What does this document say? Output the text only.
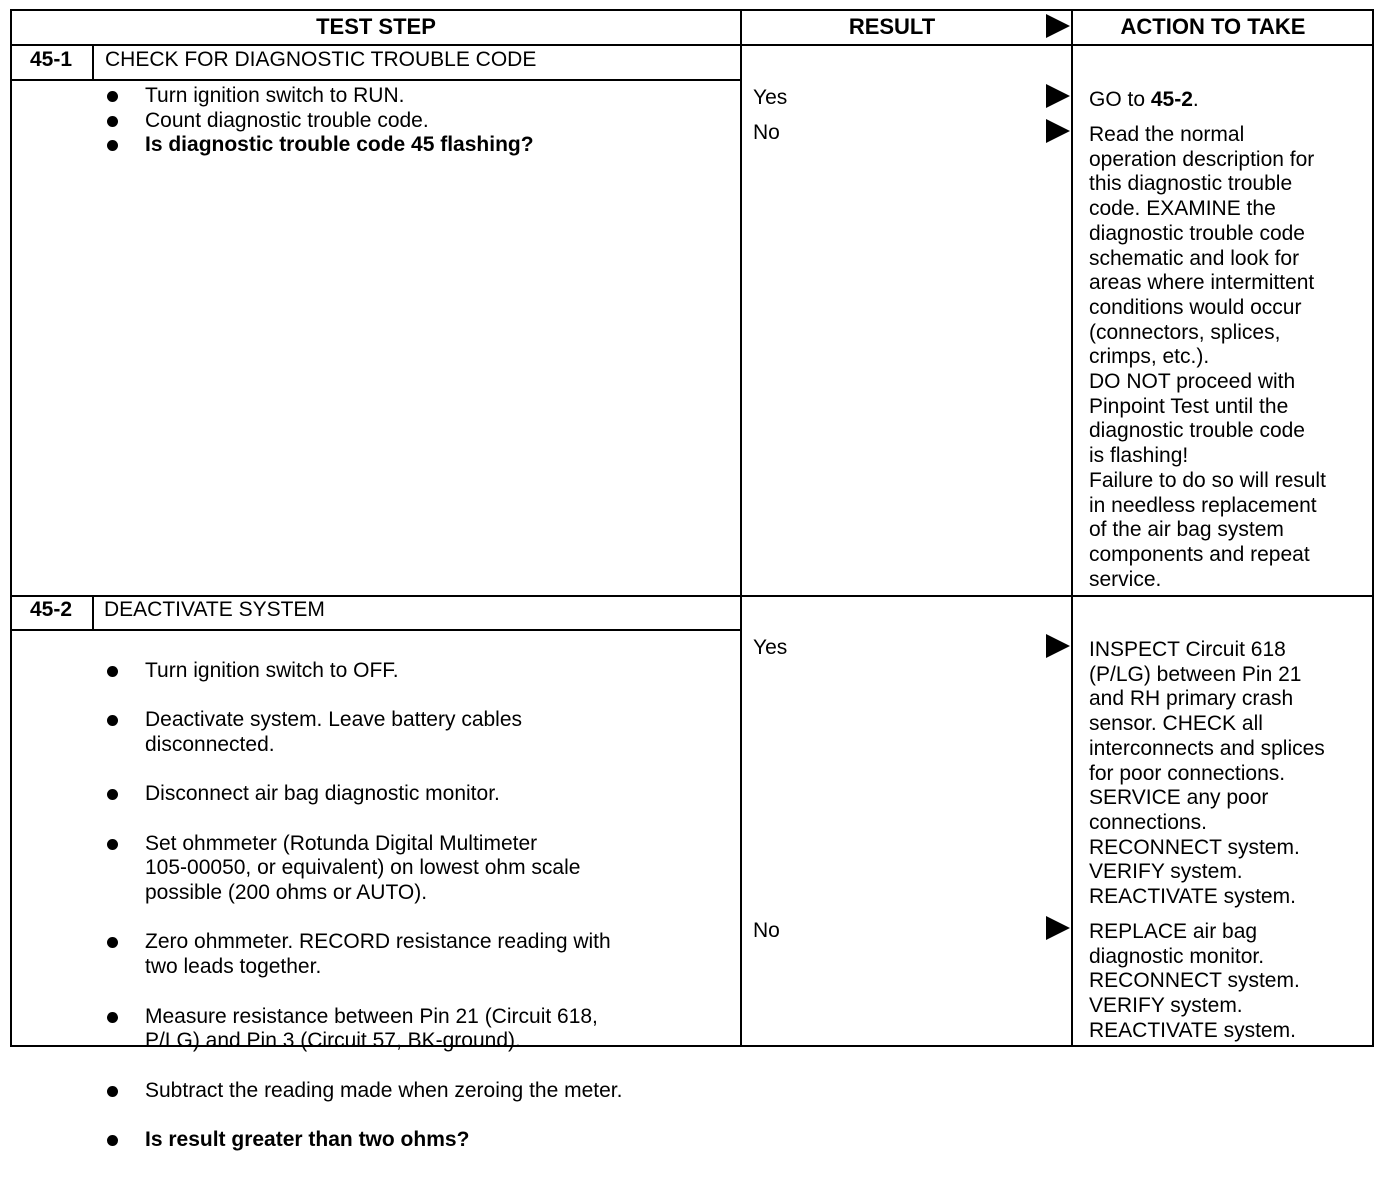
TEST STEP	RESULT	ACTION TO TAKE
45-1	CHECK FOR DIAGNOSTIC TROUBLE CODE
Turn ignition switch to RUN.
Count diagnostic trouble code.
Is diagnostic trouble code 45 flashing?
Yes	GO to 45-2.
No	Read the normal
operation description for
this diagnostic trouble
code. EXAMINE the
diagnostic trouble code
schematic and look for
areas where intermittent
conditions would occur
(connectors, splices,
crimps, etc.).
DO NOT proceed with
Pinpoint Test until the
diagnostic trouble code
is flashing!
Failure to do so will result
in needless replacement
of the air bag system
components and repeat
service.
45-2	DEACTIVATE SYSTEM

Turn ignition switch to OFF.

Deactivate system. Leave battery cables
disconnected.

Disconnect air bag diagnostic monitor.

Set ohmmeter (Rotunda Digital Multimeter
105-00050, or equivalent) on lowest ohm scale
possible (200 ohms or AUTO).

Zero ohmmeter. RECORD resistance reading with
two leads together.

Measure resistance between Pin 21 (Circuit 618,
P/LG) and Pin 3 (Circuit 57, BK-ground).

Subtract the reading made when zeroing the meter.

Is result greater than two ohms?

Yes	INSPECT Circuit 618
(P/LG) between Pin 21
and RH primary crash
sensor. CHECK all
interconnects and splices
for poor connections.
SERVICE any poor
connections.
RECONNECT system.
VERIFY system.
REACTIVATE system.
No	REPLACE air bag
diagnostic monitor.
RECONNECT system.
VERIFY system.
REACTIVATE system.
